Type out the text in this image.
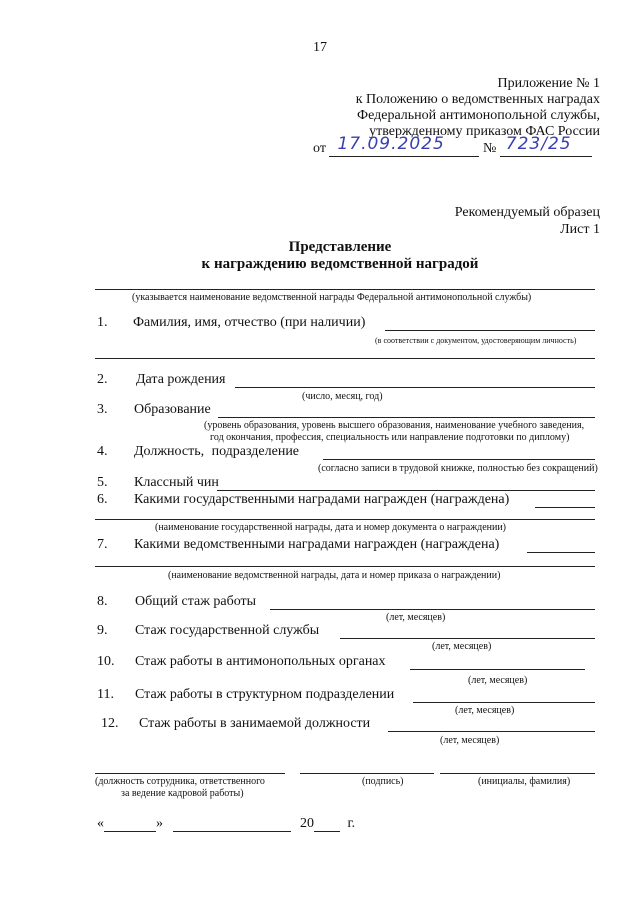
17
Приложение № 1
к Положению о ведомственных наградах
Федеральной антимонопольной службы,
утвержденному приказом ФАС России
от 17.09.2025	№ 723/25
Рекомендуемый образец
Лист 1
Представление
к награждению ведомственной наградой
(указывается наименование ведомственной награды Федеральной антимонопольной службы)
1. Фамилия, имя, отчество (при наличии)
(в соответствии с документом, удостоверяющим личность)
2. Дата рождения
(число, месяц, год)
3. Образование
(уровень образования, уровень высшего образования, наименование учебного заведения,
год окончания, профессия, специальность или направление подготовки по диплому)
4. Должность, подразделение
(согласно записи в трудовой книжке, полностью без сокращений)
5. Классный чин
6. Какими государственными наградами награжден (награждена)
(наименование государственной награды, дата и номер документа о награждении)
7. Какими ведомственными наградами награжден (награждена)
(наименование ведомственной награды, дата и номер приказа о награждении)
8. Общий стаж работы
(лет, месяцев)
9. Стаж государственной службы
(лет, месяцев)
10. Стаж работы в антимонопольных органах
(лет, месяцев)
11. Стаж работы в структурном подразделении
(лет, месяцев)
12. Стаж работы в занимаемой должности
(лет, месяцев)
(должность сотрудника, ответственного
за ведение кадровой работы)
(подпись)	(инициалы, фамилия)
«	»	20 г.
